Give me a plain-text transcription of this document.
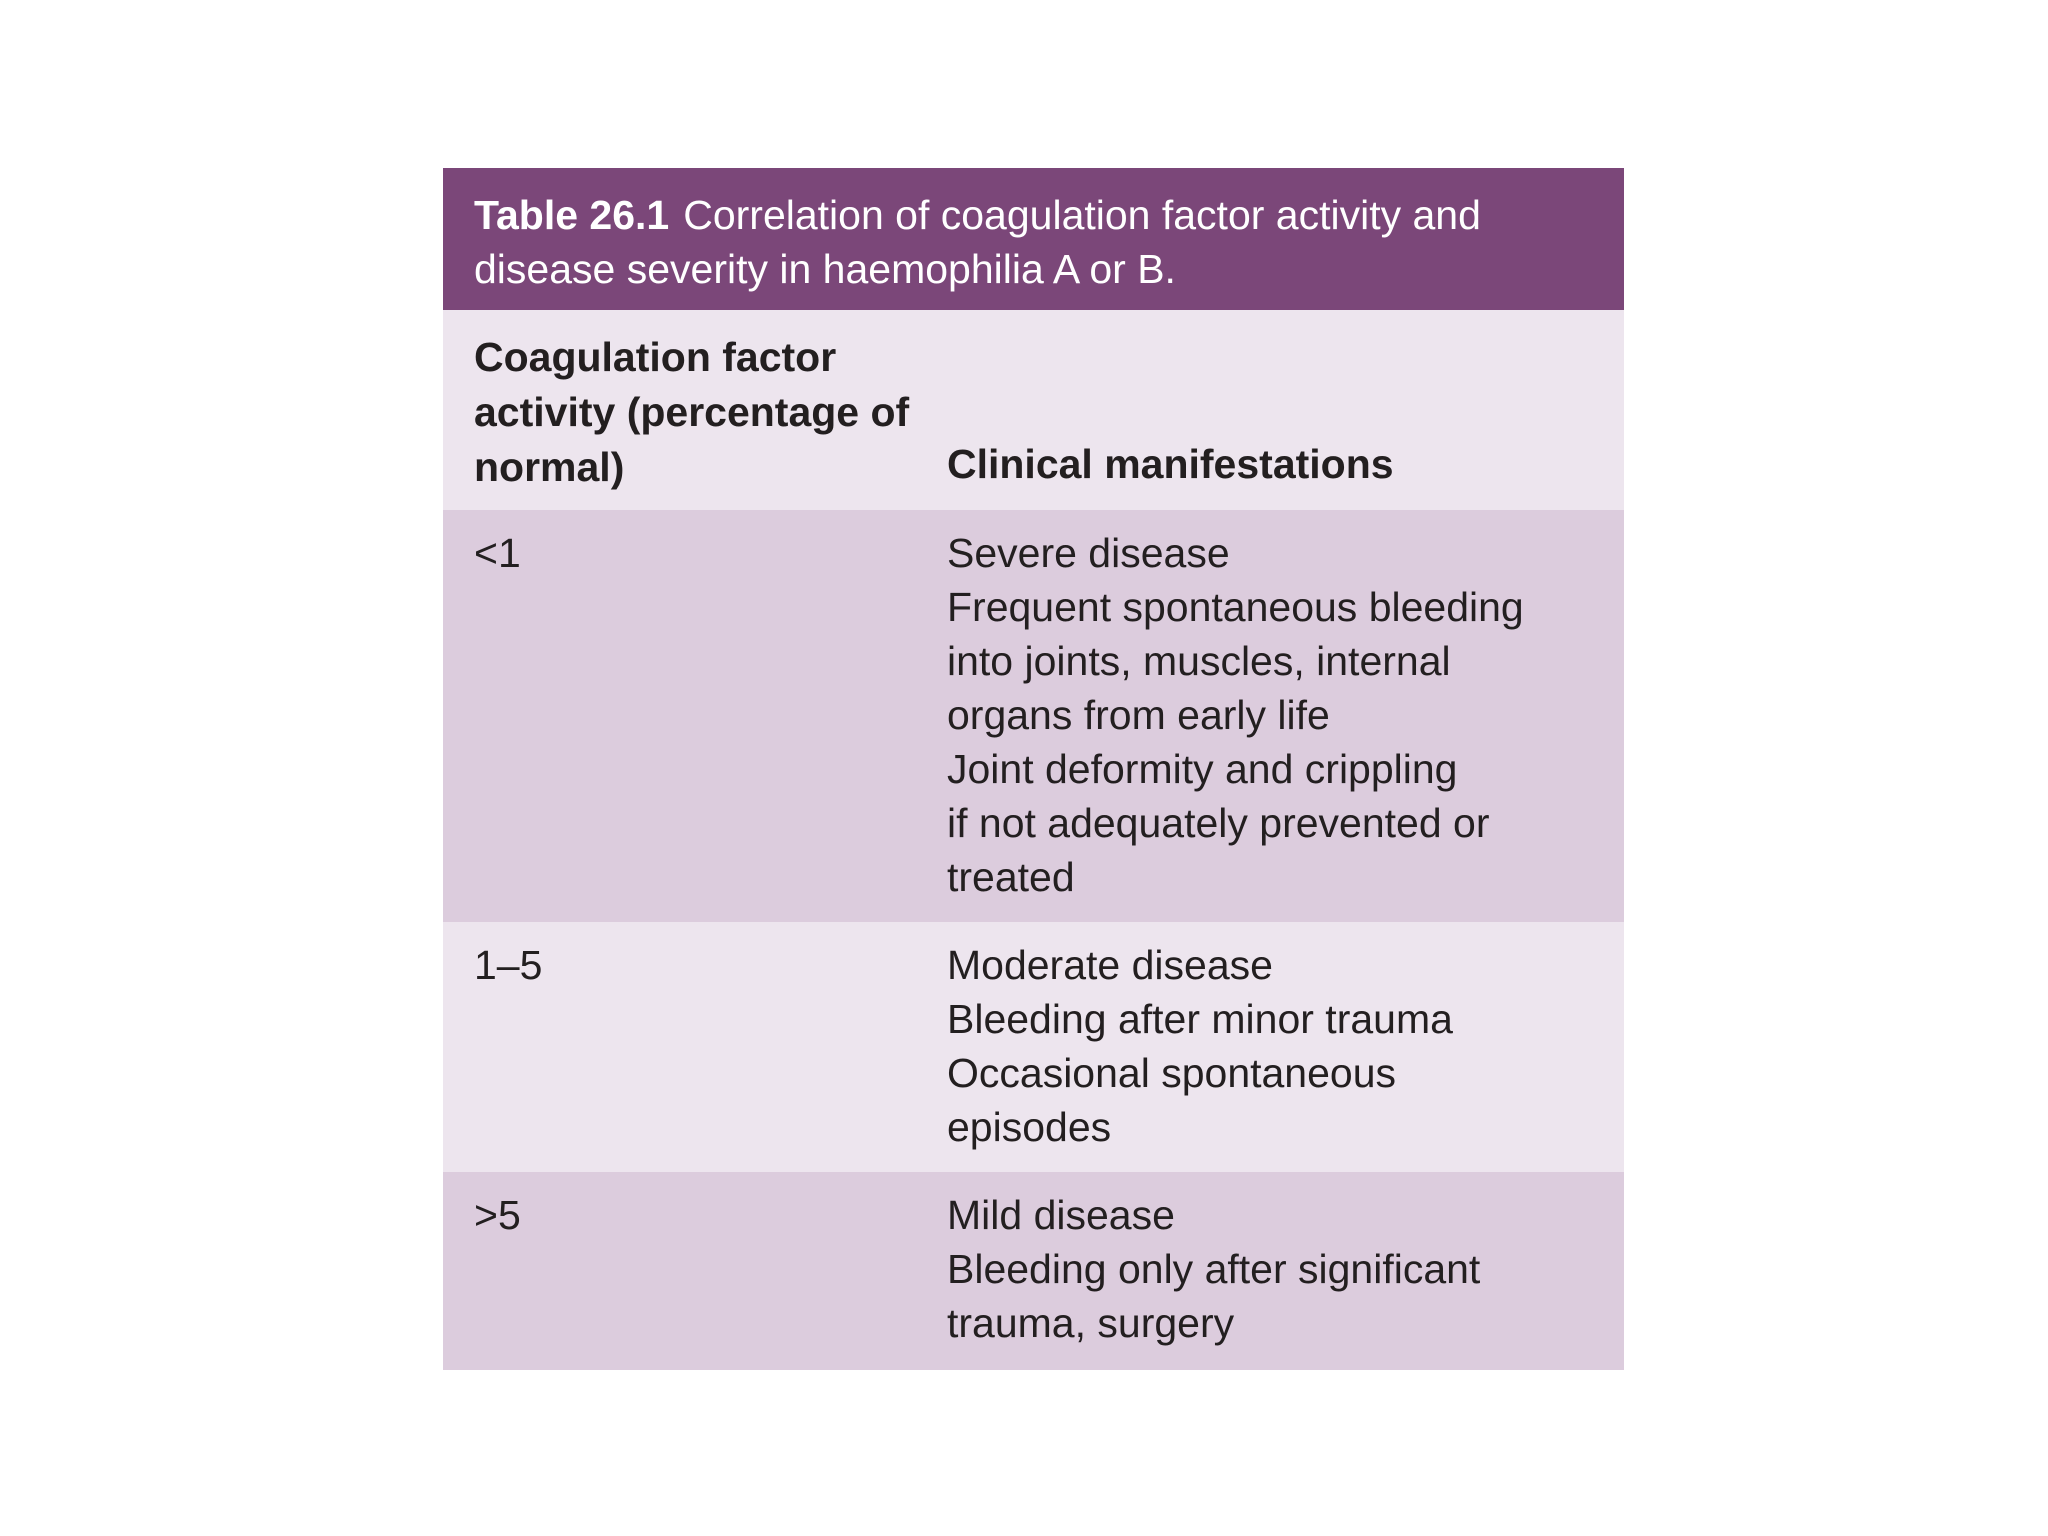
Table 26.1 Correlation of coagulation factor activity and disease severity in haemophilia A or B.
Coagulation factor
activity (percentage of
normal)	Clinical manifestations
<1	Severe disease
Frequent spontaneous bleeding
into joints, muscles, internal
organs from early life
Joint deformity and crippling
if not adequately prevented or
treated
1–5	Moderate disease
Bleeding after minor trauma
Occasional spontaneous
episodes
>5	Mild disease
Bleeding only after significant
trauma, surgery
